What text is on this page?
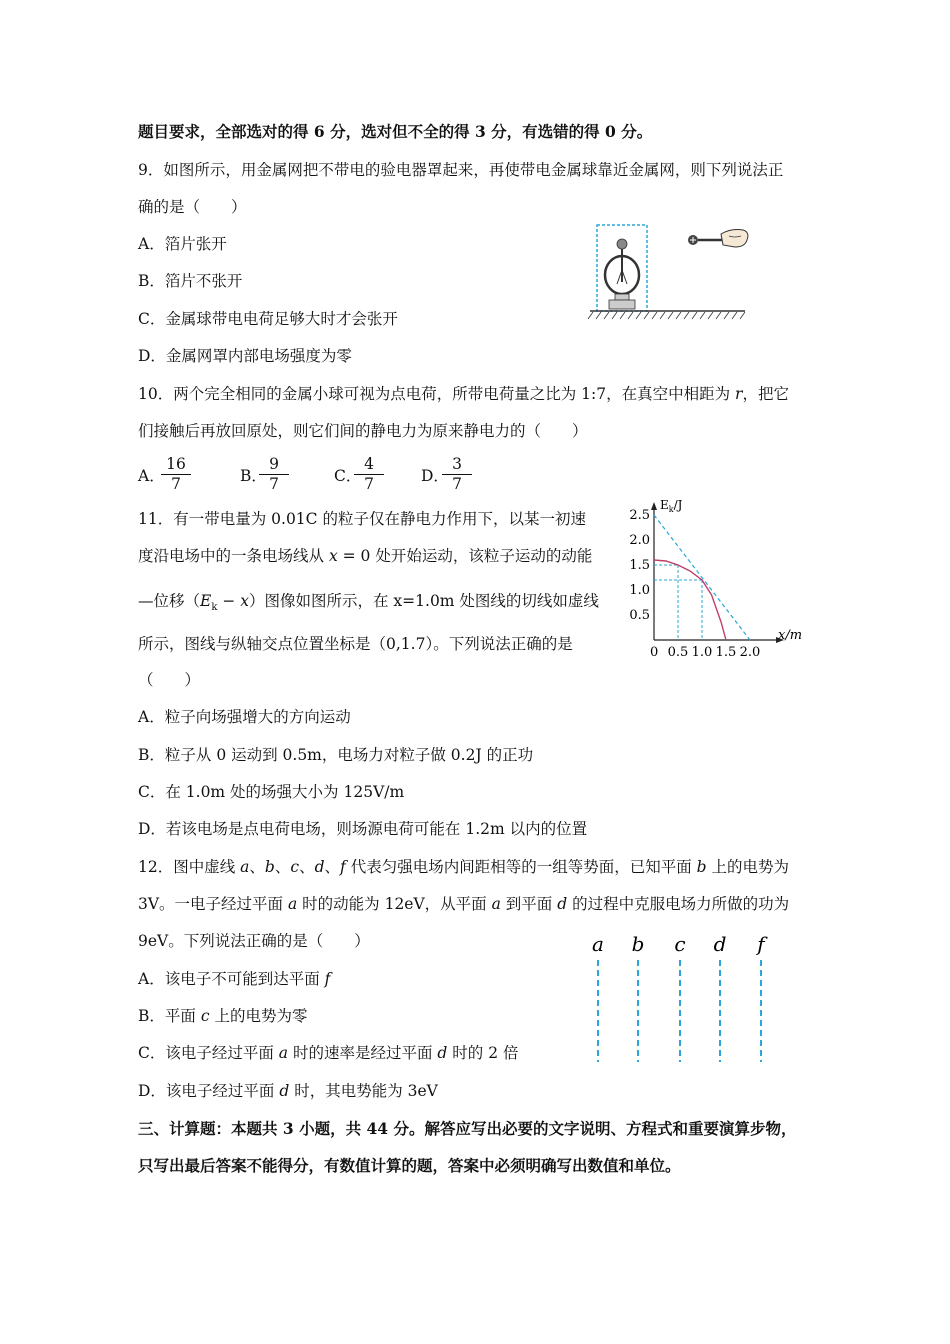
题目要求，全部选对的得 6 分，选对但不全的得 3 分，有选错的得 0 分。
9．如图所示，用金属网把不带电的验电器罩起来，再使带电金属球靠近金属网，则下列说法正
确的是（　　）
A．箔片张开
B．箔片不张开
C．金属球带电电荷足够大时才会张开
D．金属网罩内部电场强度为零
10．两个完全相同的金属小球可视为点电荷，所带电荷量之比为 1:7，在真空中相距为 r，把它
们接触后再放回原处，则它们间的静电力为原来静电力的（　　）
A．
$\frac{16}{7}$	B．
$\frac{9}{7}$	C．
$\frac{4}{7}$ D．
$\frac{3}{7}$
11．有一带电量为 0.01C 的粒子仅在静电力作用下，以某一初速
度沿电场中的一条电场线从 x = 0 处开始运动，该粒子运动的动能
—位移$(E_k - x)$图像如图所示，在 x=1.0m 处图线的切线如虚线
所示，图线与纵轴交点位置坐标是（0,1.7）。下列说法正确的是
（　　）
A．粒子向场强增大的方向运动
B．粒子从 0 运动到 0.5m，电场力对粒子做 0.2J 的正功
C．在 1.0m 处的场强大小为 125V/m
D．若该电场是点电荷电场，则场源电荷可能在 1.2m 以内的位置
$E_k/J$
x/m
0 0.5 1.0 1.5 2.0
0.5
1.0
1.5
2.0
2.5
12．图中虚线 a、b、c、d、f 代表匀强电场内间距相等的一组等势面，已知平面 b 上的电势为
3V。一电子经过平面 a 时的动能为 12eV，从平面 a 到平面 d 的过程中克服电场力所做的功为
9eV。下列说法正确的是（　　）
A．该电子不可能到达平面 f
B．平面 c 上的电势为零
C．该电子经过平面 a 时的速率是经过平面 d 时的 2 倍
D．该电子经过平面 d 时，其电势能为 3eV
a b c d f
三、计算题：本题共 3 小题，共 44 分。解答应写出必要的文字说明、方程式和重要演算步物，
只写出最后答案不能得分，有数值计算的题，答案中必须明确写出数值和单位。
